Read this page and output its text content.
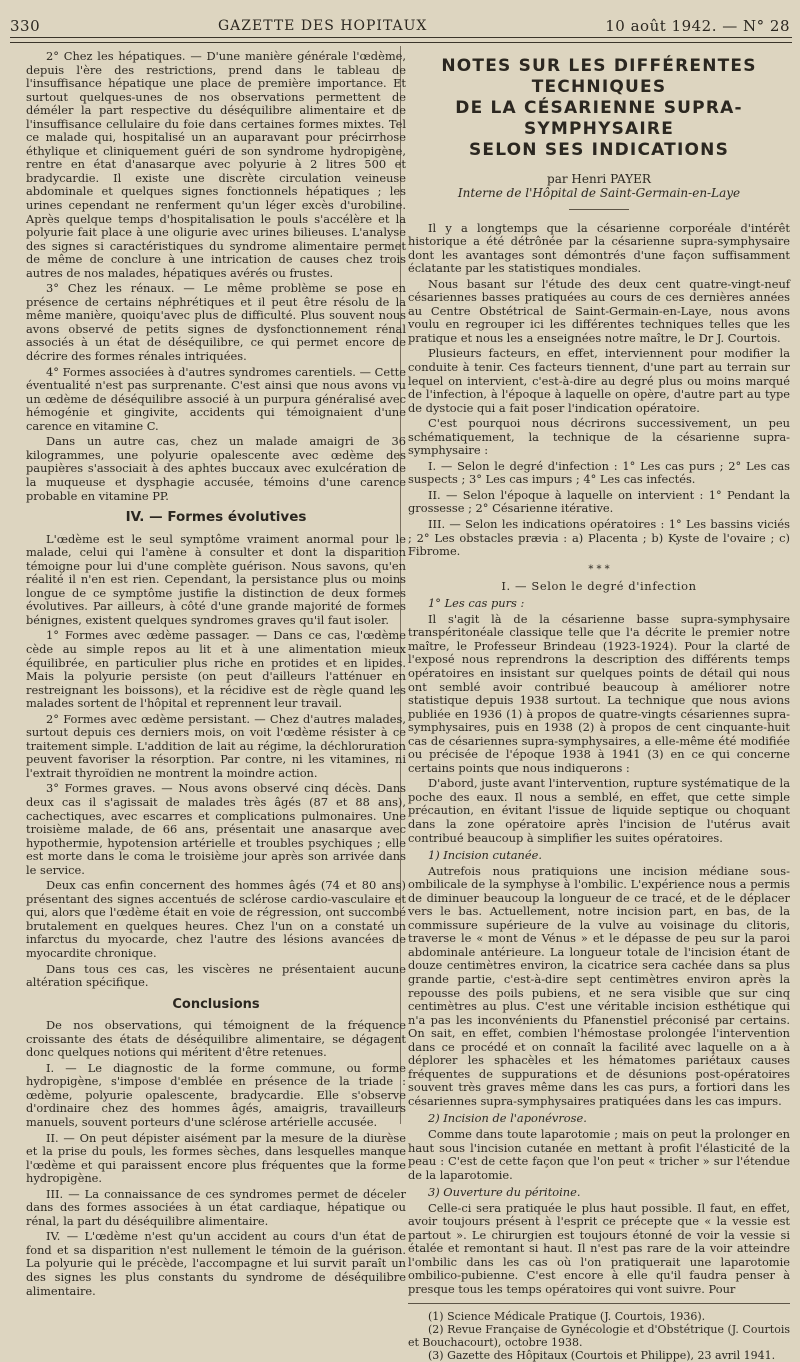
330	GAZETTE DES HOPITAUX	10 août 1942. — N° 28

2° Chez les hépatiques. — D'une manière générale l'œdème, depuis l'ère des restrictions, prend dans le tableau de l'insuffisance hépatique une place de première importance. Et surtout quelques-unes de nos observations permettent de déméler la part respective du déséquilibre alimentaire et de l'insuffisance cellulaire du foie dans certaines formes mixtes. Tel ce malade qui, hospitalisé un an auparavant pour précirrhose éthylique et cliniquement guéri de son syndrome hydropigène, rentre en état d'anasarque avec polyurie à 2 litres 500 et bradycardie. Il existe une discrète circulation veineuse abdominale et quelques signes fonctionnels hépatiques ; les urines cependant ne renferment qu'un léger excès d'urobiline. Après quelque temps d'hospitalisation le pouls s'accélère et la polyurie fait place à une oligurie avec urines bilieuses. L'analyse des signes si caractéristiques du syndrome alimentaire permet de même de conclure à une intrication de causes chez trois autres de nos malades, hépatiques avérés ou frustes.

3° Chez les rénaux. — Le même problème se pose en présence de certains néphrétiques et il peut être résolu de la même manière, quoiqu'avec plus de difficulté. Plus souvent nous avons observé de petits signes de dysfonctionnement rénal associés à un état de déséquilibre, ce qui permet encore de décrire des formes rénales intriquées.

4° Formes associées à d'autres syndromes carentiels. — Cette éventualité n'est pas surprenante. C'est ainsi que nous avons vu un œdème de déséquilibre associé à un purpura généralisé avec hémogénie et gingivite, accidents qui témoignaient d'une carence en vitamine C.

Dans un autre cas, chez un malade amaigri de 36 kilogrammes, une polyurie opalescente avec œdème des paupières s'associait à des aphtes buccaux avec exulcération de la muqueuse et dysphagie accusée, témoins d'une carence probable en vitamine PP.

IV. — Formes évolutives

L'œdème est le seul symptôme vraiment anormal pour le malade, celui qui l'amène à consulter et dont la disparition témoigne pour lui d'une complète guérison. Nous savons, qu'en réalité il n'en est rien. Cependant, la persistance plus ou moins longue de ce symptôme justifie la distinction de deux formes évolutives. Par ailleurs, à côté d'une grande majorité de formes bénignes, existent quelques syndromes graves qu'il faut isoler.

1° Formes avec œdème passager. — Dans ce cas, l'œdème cède au simple repos au lit et à une alimentation mieux équilibrée, en particulier plus riche en protides et en lipides. Mais la polyurie persiste (on peut d'ailleurs l'atténuer en restreignant les boissons), et la récidive est de règle quand les malades sortent de l'hôpital et reprennent leur travail.

2° Formes avec œdème persistant. — Chez d'autres malades, surtout depuis ces derniers mois, on voit l'œdème résister à ce traitement simple. L'addition de lait au régime, la déchloruration peuvent favoriser la résorption. Par contre, ni les vitamines, ni l'extrait thyroïdien ne montrent la moindre action.

3° Formes graves. — Nous avons observé cinq décès. Dans deux cas il s'agissait de malades très âgés (87 et 88 ans), cachectiques, avec escarres et complications pulmonaires. Une troisième malade, de 66 ans, présentait une anasarque avec hypothermie, hypotension artérielle et troubles psychiques ; elle est morte dans le coma le troisième jour après son arrivée dans le service.

Deux cas enfin concernent des hommes âgés (74 et 80 ans) présentant des signes accentués de sclérose cardio-vasculaire et qui, alors que l'œdème était en voie de régression, ont succombé brutalement en quelques heures. Chez l'un on a constaté un infarctus du myocarde, chez l'autre des lésions avancées de myocardite chronique.

Dans tous ces cas, les viscères ne présentaient aucune altération spécifique.

Conclusions

De nos observations, qui témoignent de la fréquence croissante des états de déséquilibre alimentaire, se dégagent donc quelques notions qui méritent d'être retenues.

I. — Le diagnostic de la forme commune, ou forme hydropigène, s'impose d'emblée en présence de la triade : œdème, polyurie opalescente, bradycardie. Elle s'observe d'ordinaire chez des hommes âgés, amaigris, travailleurs manuels, souvent porteurs d'une sclérose artérielle accusée.

II. — On peut dépister aisément par la mesure de la diurèse et la prise du pouls, les formes sèches, dans lesquelles manque l'œdème et qui paraissent encore plus fréquentes que la forme hydropigène.

III. — La connaissance de ces syndromes permet de déceler dans des formes associées à un état cardiaque, hépatique ou rénal, la part du déséquilibre alimentaire.

IV. — L'œdème n'est qu'un accident au cours d'un état de fond et sa disparition n'est nullement le témoin de la guérison. La polyurie qui le précède, l'accompagne et lui survit paraît un des signes les plus constants du syndrome de déséquilibre alimentaire.

NOTES SUR LES DIFFÉRENTES TECHNIQUES
DE LA CÉSARIENNE SUPRA-SYMPHYSAIRE
SELON SES INDICATIONS
par Henri PAYER
Interne de l'Hôpital de Saint-Germain-en-Laye

Il y a longtemps que la césarienne corporéale d'intérêt historique a été détrônée par la césarienne supra-symphysaire dont les avantages sont démontrés d'une façon suffisamment éclatante par les statistiques mondiales.

Nous basant sur l'étude des deux cent quatre-vingt-neuf césariennes basses pratiquées au cours de ces dernières années au Centre Obstétrical de Saint-Germain-en-Laye, nous avons voulu en regrouper ici les différentes techniques telles que les pratique et nous les a enseignées notre maître, le Dr J. Courtois.

Plusieurs facteurs, en effet, interviennent pour modifier la conduite à tenir. Ces facteurs tiennent, d'une part au terrain sur lequel on intervient, c'est-à-dire au degré plus ou moins marqué de l'infection, à l'époque à laquelle on opère, d'autre part au type de dystocie qui a fait poser l'indication opératoire.

C'est pourquoi nous décrirons successivement, un peu schématiquement, la technique de la césarienne supra-symphysaire :

I. — Selon le degré d'infection : 1° Les cas purs ; 2° Les cas suspects ; 3° Les cas impurs ; 4° Les cas infectés.

II. — Selon l'époque à laquelle on intervient : 1° Pendant la grossesse ; 2° Césarienne itérative.

III. — Selon les indications opératoires : 1° Les bassins viciés ; 2° Les obstacles prævia : a) Placenta ; b) Kyste de l'ovaire ; c) Fibrome.

* * *
I. — Selon le degré d'infection
1° Les cas purs :

Il s'agit là de la césarienne basse supra-symphysaire transpéritonéale classique telle que l'a décrite le premier notre maître, le Professeur Brindeau (1923-1924). Pour la clarté de l'exposé nous reprendrons la description des différents temps opératoires en insistant sur quelques points de détail qui nous ont semblé avoir contribué beaucoup à améliorer notre statistique depuis 1938 surtout. La technique que nous avions publiée en 1936 (1) à propos de quatre-vingts césariennes supra-symphysaires, puis en 1938 (2) à propos de cent cinquante-huit cas de césariennes supra-symphysaires, a elle-même été modifiée ou précisée de l'époque 1938 à 1941 (3) en ce qui concerne certains points que nous indiquerons :

D'abord, juste avant l'intervention, rupture systématique de la poche des eaux. Il nous a semblé, en effet, que cette simple précaution, en évitant l'issue de liquide septique ou choquant dans la zone opératoire après l'incision de l'utérus avait contribué beaucoup à simplifier les suites opératoires.

1) Incision cutanée.

Autrefois nous pratiquions une incision médiane sous-ombilicale de la symphyse à l'ombilic. L'expérience nous a permis de diminuer beaucoup la longueur de ce tracé, et de le déplacer vers le bas. Actuellement, notre incision part, en bas, de la commissure supérieure de la vulve au voisinage du clitoris, traverse le « mont de Vénus » et le dépasse de peu sur la paroi abdominale antérieure. La longueur totale de l'incision étant de douze centimètres environ, la cicatrice sera cachée dans sa plus grande partie, c'est-à-dire sept centimètres environ après la repousse des poils pubiens, et ne sera visible que sur cinq centimètres au plus. C'est une véritable incision esthétique qui n'a pas les inconvénients du Pfanenstiel préconisé par certains. On sait, en effet, combien l'hémostase prolongée l'intervention dans ce procédé et on connaît la facilité avec laquelle on a à déplorer les sphacèles et les hématomes pariétaux causes fréquentes de suppurations et de désunions post-opératoires souvent très graves même dans les cas purs, a fortiori dans les césariennes supra-symphysaires pratiquées dans les cas impurs.

2) Incision de l'aponévrose.

Comme dans toute laparotomie ; mais on peut la prolonger en haut sous l'incision cutanée en mettant à profit l'élasticité de la peau : C'est de cette façon que l'on peut « tricher » sur l'étendue de la laparotomie.

3) Ouverture du péritoine.

Celle-ci sera pratiquée le plus haut possible. Il faut, en effet, avoir toujours présent à l'esprit ce précepte que « la vessie est partout ». Le chirurgien est toujours étonné de voir la vessie si étalée et remontant si haut. Il n'est pas rare de la voir atteindre l'ombilic dans les cas où l'on pratiquerait une laparotomie ombilico-pubienne. C'est encore à elle qu'il faudra penser à presque tous les temps opératoires qui vont suivre. Pour

(1) Science Médicale Pratique (J. Courtois, 1936).
(2) Revue Française de Gynécologie et d'Obstétrique (J. Courtois et Bouchacourt), octobre 1938.
(3) Gazette des Hôpitaux (Courtois et Philippe), 23 avril 1941.
